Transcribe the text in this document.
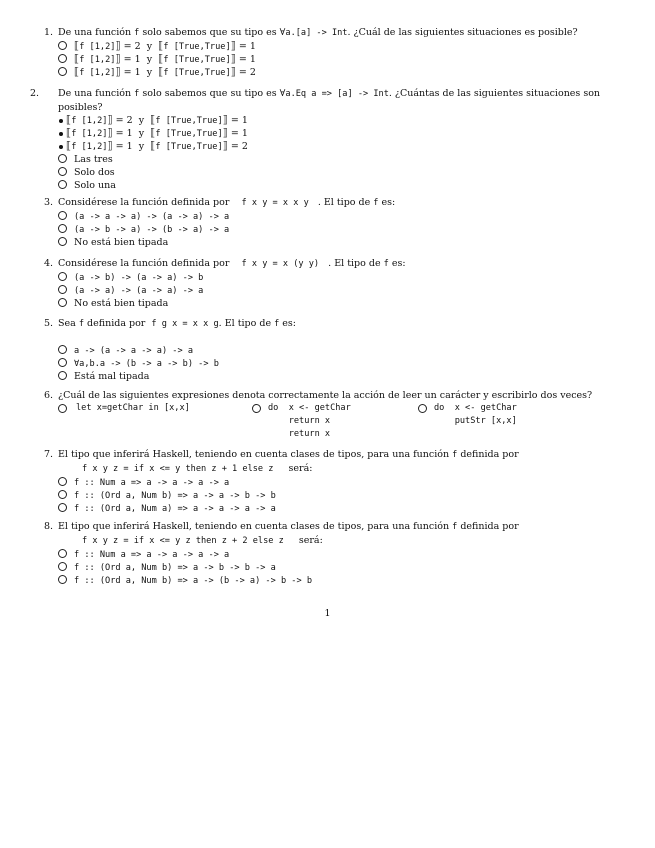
1. De una función f solo sabemos que su tipo es ∀a.[a] -> Int. ¿Cuál de las siguientes situaciones es posible?
⟦f [1,2]⟧ = 2 y ⟦f [True,True]⟧ = 1
⟦f [1,2]⟧ = 1 y ⟦f [True,True]⟧ = 1
⟦f [1,2]⟧ = 1 y ⟦f [True,True]⟧ = 2
2. De una función f solo sabemos que su tipo es ∀a.Eq a => [a] -> Int. ¿Cuántas de las siguientes situaciones son posibles?
⟦f [1,2]⟧ = 2 y ⟦f [True,True]⟧ = 1
⟦f [1,2]⟧ = 1 y ⟦f [True,True]⟧ = 1
⟦f [1,2]⟧ = 1 y ⟦f [True,True]⟧ = 2
Las tres
Solo dos
Solo una
3. Considérese la función definida por f x y = x x y . El tipo de f es:
(a -> a -> a) -> (a -> a) -> a
(a -> b -> a) -> (b -> a) -> a
No está bien tipada
4. Considérese la función definida por f x y = x (y y) . El tipo de f es:
(a -> b) -> (a -> a) -> b
(a -> a) -> (a -> a) -> a
No está bien tipada
5. Sea f definida por f g x = x x g. El tipo de f es:
a -> (a -> a -> a) -> a
∀a,b.a -> (b -> a -> b) -> b
Está mal tipada
6. ¿Cuál de las siguientes expresiones denota correctamente la acción de leer un carácter y escribirlo dos veces?
let x=getChar in [x,x]	do  x <- getChar
return x
return x
do  x <- getChar
putStr [x,x]
7. El tipo que inferirá Haskell, teniendo en cuenta clases de tipos, para una función f definida por
f x y z = if x <= y then z + 1 else z será:
f :: Num a => a -> a -> a -> a
f :: (Ord a, Num b) => a -> a -> b -> b
f :: (Ord a, Num a) => a -> a -> a -> a
8. El tipo que inferirá Haskell, teniendo en cuenta clases de tipos, para una función f definida por
f x y z = if x <= y z then z + 2 else z será:
f :: Num a => a -> a -> a -> a
f :: (Ord a, Num b) => a -> b -> b -> a
f :: (Ord a, Num b) => a -> (b -> a) -> b -> b
1
